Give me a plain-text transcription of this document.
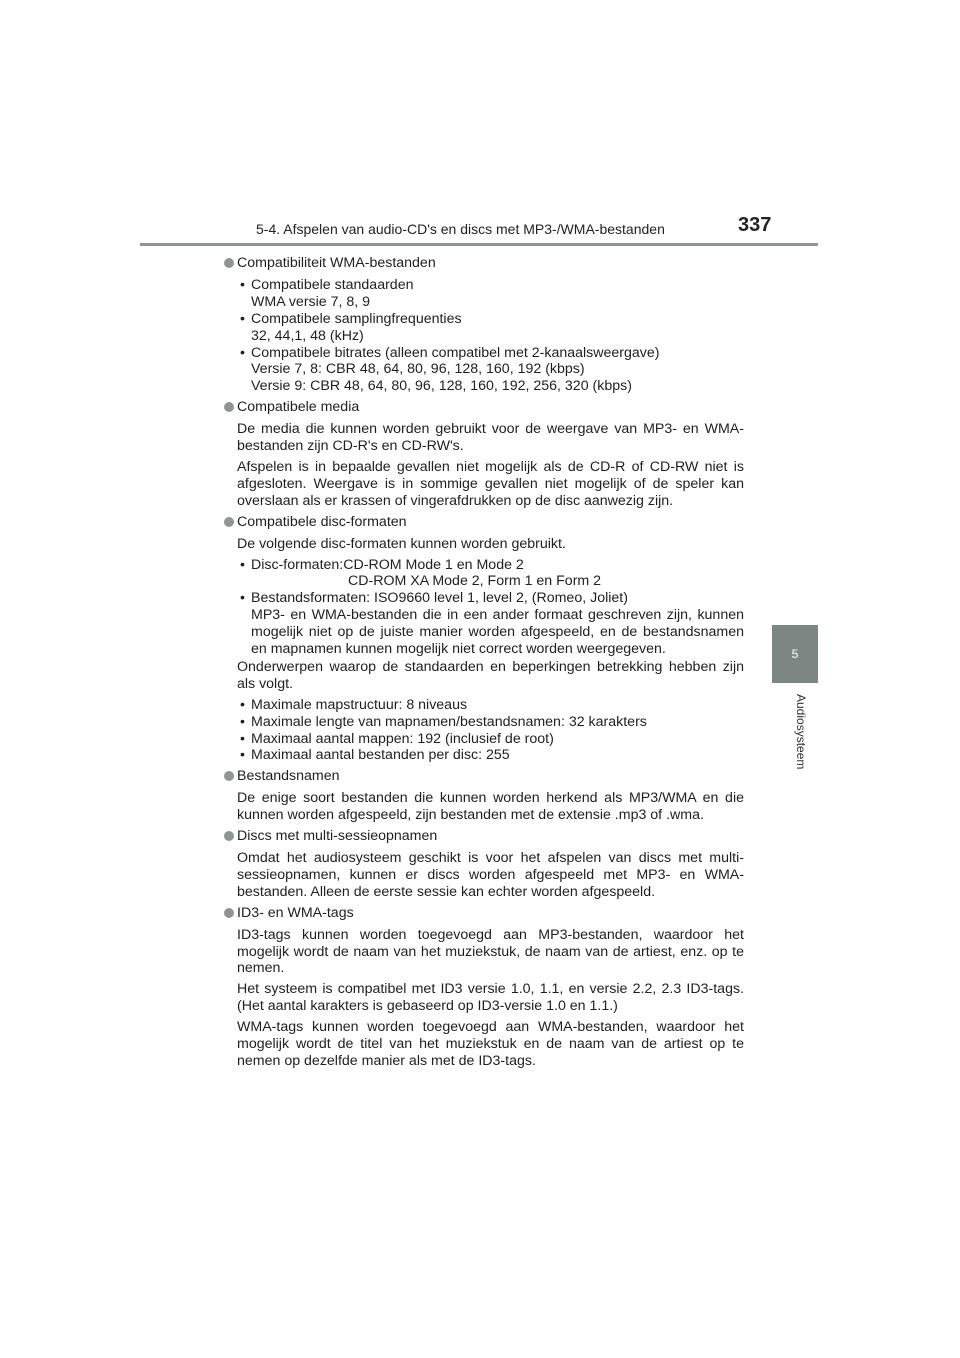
5-4. Afspelen van audio-CD's en discs met MP3-/WMA-bestanden	337
5
Audiosysteem
Compatibiliteit WMA-bestanden
• Compatibele standaarden
WMA versie 7, 8, 9
• Compatibele samplingfrequenties
32, 44,1, 48 (kHz)
• Compatibele bitrates (alleen compatibel met 2-kanaalsweergave)
Versie 7, 8: CBR 48, 64, 80, 96, 128, 160, 192 (kbps)
Versie 9: CBR 48, 64, 80, 96, 128, 160, 192, 256, 320 (kbps)
Compatibele media

De media die kunnen worden gebruikt voor de weergave van MP3- en WMA-bestanden zijn CD-R's en CD-RW's.

Afspelen is in bepaalde gevallen niet mogelijk als de CD-R of CD-RW niet is afgesloten. Weergave is in sommige gevallen niet mogelijk of de speler kan overslaan als er krassen of vingerafdrukken op de disc aanwezig zijn.

Compatibele disc-formaten

De volgende disc-formaten kunnen worden gebruikt.

• Disc-formaten:CD-ROM Mode 1 en Mode 2
CD-ROM XA Mode 2, Form 1 en Form 2
• Bestandsformaten: ISO9660 level 1, level 2, (Romeo, Joliet)
MP3- en WMA-bestanden die in een ander formaat geschreven zijn, kunnen mogelijk niet op de juiste manier worden afgespeeld, en de bestandsnamen en mapnamen kunnen mogelijk niet correct worden weergegeven.

Onderwerpen waarop de standaarden en beperkingen betrekking hebben zijn als volgt.

• Maximale mapstructuur: 8 niveaus
• Maximale lengte van mapnamen/bestandsnamen: 32 karakters
• Maximaal aantal mappen: 192 (inclusief de root)
• Maximaal aantal bestanden per disc: 255
Bestandsnamen

De enige soort bestanden die kunnen worden herkend als MP3/WMA en die kunnen worden afgespeeld, zijn bestanden met de extensie .mp3 of .wma.

Discs met multi-sessieopnamen

Omdat het audiosysteem geschikt is voor het afspelen van discs met multi-sessieopnamen, kunnen er discs worden afgespeeld met MP3- en WMA-bestanden. Alleen de eerste sessie kan echter worden afgespeeld.

ID3- en WMA-tags

ID3-tags kunnen worden toegevoegd aan MP3-bestanden, waardoor het mogelijk wordt de naam van het muziekstuk, de naam van de artiest, enz. op te nemen.

Het systeem is compatibel met ID3 versie 1.0, 1.1, en versie 2.2, 2.3 ID3-tags. (Het aantal karakters is gebaseerd op ID3-versie 1.0 en 1.1.)

WMA-tags kunnen worden toegevoegd aan WMA-bestanden, waardoor het mogelijk wordt de titel van het muziekstuk en de naam van de artiest op te nemen op dezelfde manier als met de ID3-tags.
